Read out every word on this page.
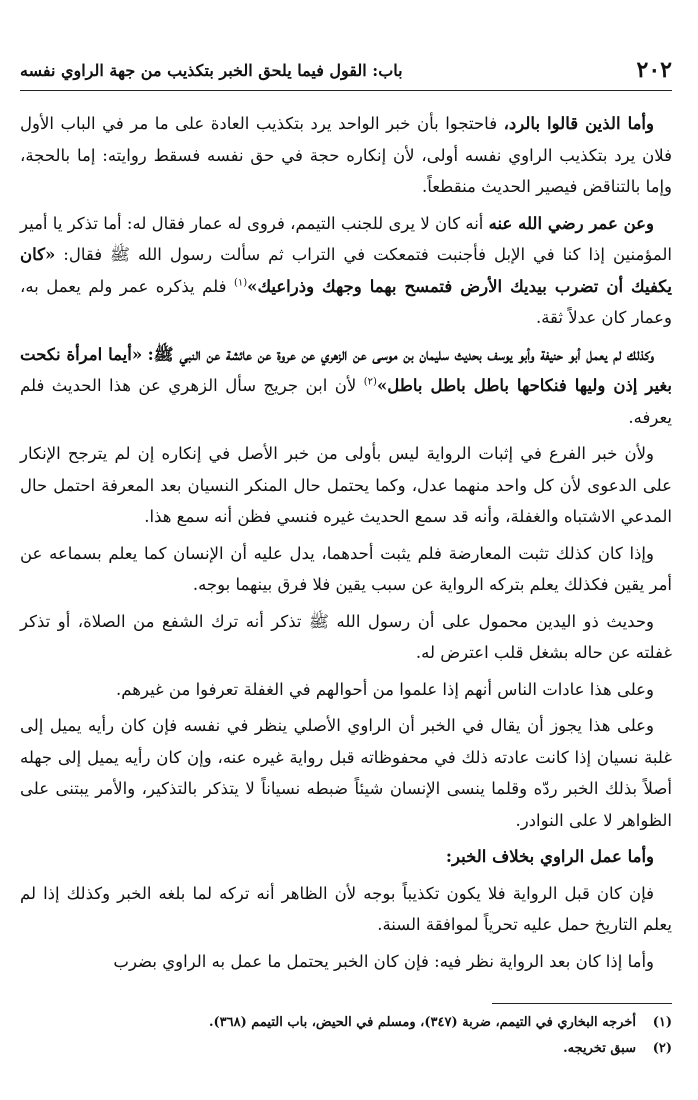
٢٠٢
باب: القول فيما يلحق الخبر بتكذيب من جهة الراوي نفسه

وأما الذين قالوا بالرد، فاحتجوا بأن خبر الواحد يرد بتكذيب العادة على ما مر في الباب الأول فلان يرد بتكذيب الراوي نفسه أولى، لأن إنكاره حجة في حق نفسه فسقط روايته: إما بالحجة، وإما بالتناقض فيصير الحديث منقطعاً.

وعن عمر رضي الله عنه أنه كان لا يرى للجنب التيمم، فروى له عمار فقال له: أما تذكر يا أمير المؤمنين إذا كنا في الإبل فأجنبت فتمعكت في التراب ثم سألت رسول الله ﷺ فقال: «كان يكفيك أن تضرب بيديك الأرض فتمسح بهما وجهك وذراعيك»$^{(١)}$ فلم يذكره عمر ولم يعمل به، وعمار كان عدلاً ثقة.

وكذلك لم يعمل أبو حنيفة وأبو يوسف بحديث سليمان بن موسى عن الزهري عن عروة عن عائشة عن النبي ﷺ: «أيما امرأة نكحت بغير إذن وليها فنكاحها باطل باطل باطل»$^{(٢)}$ لأن ابن جريج سأل الزهري عن هذا الحديث فلم يعرفه.

ولأن خبر الفرع في إثبات الرواية ليس بأولى من خبر الأصل في إنكاره إن لم يترجح الإنكار على الدعوى لأن كل واحد منهما عدل، وكما يحتمل حال المنكر النسيان بعد المعرفة احتمل حال المدعي الاشتباه والغفلة، وأنه قد سمع الحديث غيره فنسي فظن أنه سمع هذا.

وإذا كان كذلك تثبت المعارضة فلم يثبت أحدهما، يدل عليه أن الإنسان كما يعلم بسماعه عن أمر يقين فكذلك يعلم بتركه الرواية عن سبب يقين فلا فرق بينهما بوجه.

وحديث ذو اليدين محمول على أن رسول الله ﷺ تذكر أنه ترك الشفع من الصلاة، أو تذكر غفلته عن حاله بشغل قلب اعترض له.

وعلى هذا عادات الناس أنهم إذا علموا من أحوالهم في الغفلة تعرفوا من غيرهم.

وعلى هذا يجوز أن يقال في الخبر أن الراوي الأصلي ينظر في نفسه فإن كان رأيه يميل إلى غلبة نسيان إذا كانت عادته ذلك في محفوظاته قبل رواية غيره عنه، وإن كان رأيه يميل إلى جهله أصلاً بذلك الخبر ردّه وقلما ينسى الإنسان شيئاً ضبطه نسياناً لا يتذكر بالتذكير، والأمر يبتنى على الظواهر لا على النوادر.

وأما عمل الراوي بخلاف الخبر:

فإن كان قبل الرواية فلا يكون تكذيباً بوجه لأن الظاهر أنه تركه لما بلغه الخبر وكذلك إذا لم يعلم التاريخ حمل عليه تحرياً لموافقة السنة.

وأما إذا كان بعد الرواية نظر فيه: فإن كان الخبر يحتمل ما عمل به الراوي بضرب

(١)
أخرجه البخاري في التيمم، ضربة (٣٤٧)، ومسلم في الحيض، باب التيمم (٣٦٨).
(٢)
سبق تخريجه.
